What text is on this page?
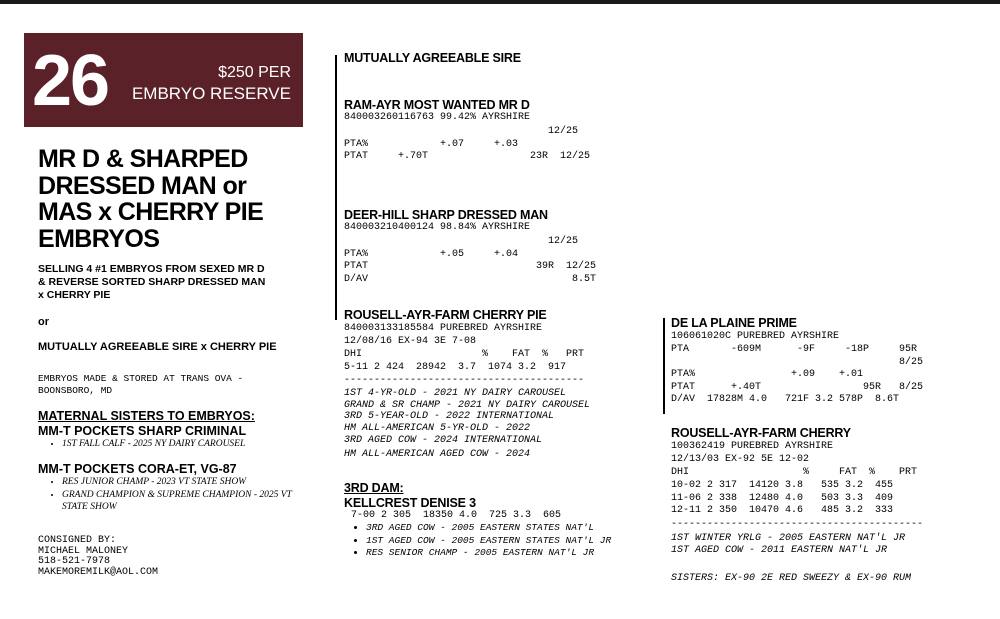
26	$250 PER
EMBRYO RESERVE
MR D & SHARPED
DRESSED MAN or
MAS x CHERRY PIE
EMBRYOS
SELLING 4 #1 EMBRYOS FROM SEXED MR D
& REVERSE SORTED SHARP DRESSED MAN
x CHERRY PIE
or
MUTUALLY AGREEABLE SIRE x CHERRY PIE
EMBRYOS MADE & STORED AT TRANS OVA -
BOONSBORO, MD
MATERNAL SISTERS TO EMBRYOS:
MM-T POCKETS SHARP CRIMINAL
• 1ST FALL CALF - 2025 NY DAIRY CAROUSEL
MM-T POCKETS CORA-ET, VG-87
• RES JUNIOR CHAMP - 2023 VT STATE SHOW
• GRAND CHAMPION & SUPREME CHAMPION - 2025 VT STATE SHOW
CONSIGNED BY:
MICHAEL MALONEY
518-521-7978
MAKEMOREMILK@AOL.COM
MUTUALLY AGREEABLE SIRE
RAM-AYR MOST WANTED MR D
840003260116763 99.42% AYRSHIRE
12/25
PTA%            +.07     +.03
PTAT     +.70T                 23R  12/25
DEER-HILL SHARP DRESSED MAN
840003210400124 98.84% AYRSHIRE
12/25
PTA%            +.05     +.04
PTAT                            39R  12/25
D/AV                                  8.5T
ROUSELL-AYR-FARM CHERRY PIE
840003133185584 PUREBRED AYRSHIRE
12/08/16 EX-94 3E 7-08
DHI                    %    FAT  %   PRT
5-11 2 424  28942  3.7  1074 3.2  917
----------------------------------------
1ST 4-YR-OLD - 2021 NY DAIRY CAROUSEL
GRAND & SR CHAMP - 2021 NY DAIRY CAROUSEL
3RD 5-YEAR-OLD - 2022 INTERNATIONAL
HM ALL-AMERICAN 5-YR-OLD - 2022
3RD AGED COW - 2024 INTERNATIONAL
HM ALL-AMERICAN AGED COW - 2024
3RD DAM:
KELLCREST DENISE 3
7-00 2 305  18350 4.0  725 3.3  605
• 3RD AGED COW - 2005 EASTERN STATES NAT'L
• 1ST AGED COW - 2005 EASTERN STATES NAT'L JR
• RES SENIOR CHAMP - 2005 EASTERN NAT'L JR
DE LA PLAINE PRIME
106061020C PUREBRED AYRSHIRE
PTA       -609M      -9F     -18P     95R
8/25
PTA%                +.09    +.01
PTAT      +.40T                 95R   8/25
D/AV  17828M 4.0   721F 3.2 578P  8.6T
ROUSELL-AYR-FARM CHERRY
100362419 PUREBRED AYRSHIRE
12/13/03 EX-92 5E 12-02
DHI                   %     FAT  %    PRT
10-02 2 317  14120 3.8   535 3.2  455
11-06 2 338  12480 4.0   503 3.3  409
12-11 2 350  10470 4.6   485 3.2  333
------------------------------------------
1ST WINTER YRLG - 2005 EASTERN NAT'L JR
1ST AGED COW - 2011 EASTERN NAT'L JR
SISTERS: EX-90 2E RED SWEEZY & EX-90 RUM
